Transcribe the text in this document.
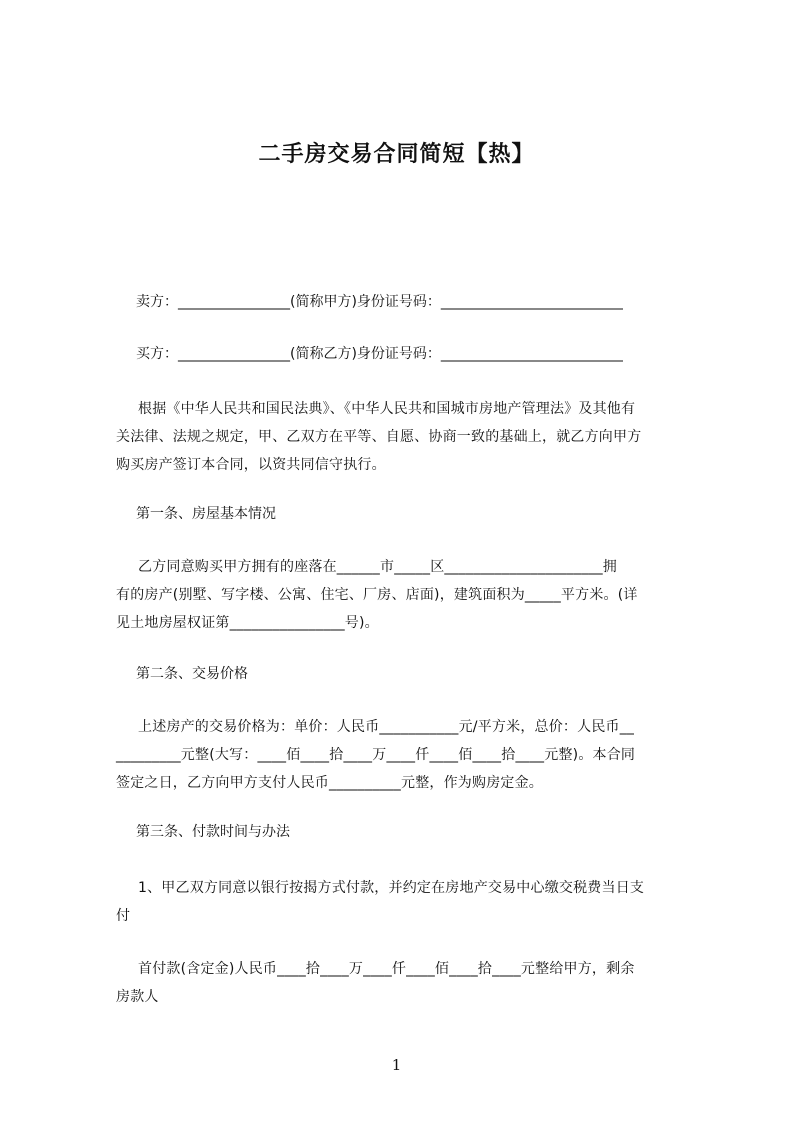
二手房交易合同简短【热】
卖方：________________(简称甲方)身份证号码：__________________________
买方：________________(简称乙方)身份证号码：__________________________
根据《中华人民共和国民法典》、《中华人民共和国城市房地产管理法》及其他有
关法律、法规之规定，甲、乙双方在平等、自愿、协商一致的基础上，就乙方向甲方
购买房产签订本合同，以资共同信守执行。
第一条、房屋基本情况
乙方同意购买甲方拥有的座落在______市_____区______________________拥
有的房产(别墅、写字楼、公寓、住宅、厂房、店面)，建筑面积为_____平方米。(详
见土地房屋权证第________________号)。
第二条、交易价格
上述房产的交易价格为：单价：人民币___________元/平方米，总价：人民币__
_________元整(大写：____佰____拾____万____仟____佰____拾____元整)。本合同
签定之日，乙方向甲方支付人民币__________元整，作为购房定金。
第三条、付款时间与办法
1、甲乙双方同意以银行按揭方式付款，并约定在房地产交易中心缴交税费当日支
付
首付款(含定金)人民币____拾____万____仟____佰____拾____元整给甲方，剩余
房款人
1
